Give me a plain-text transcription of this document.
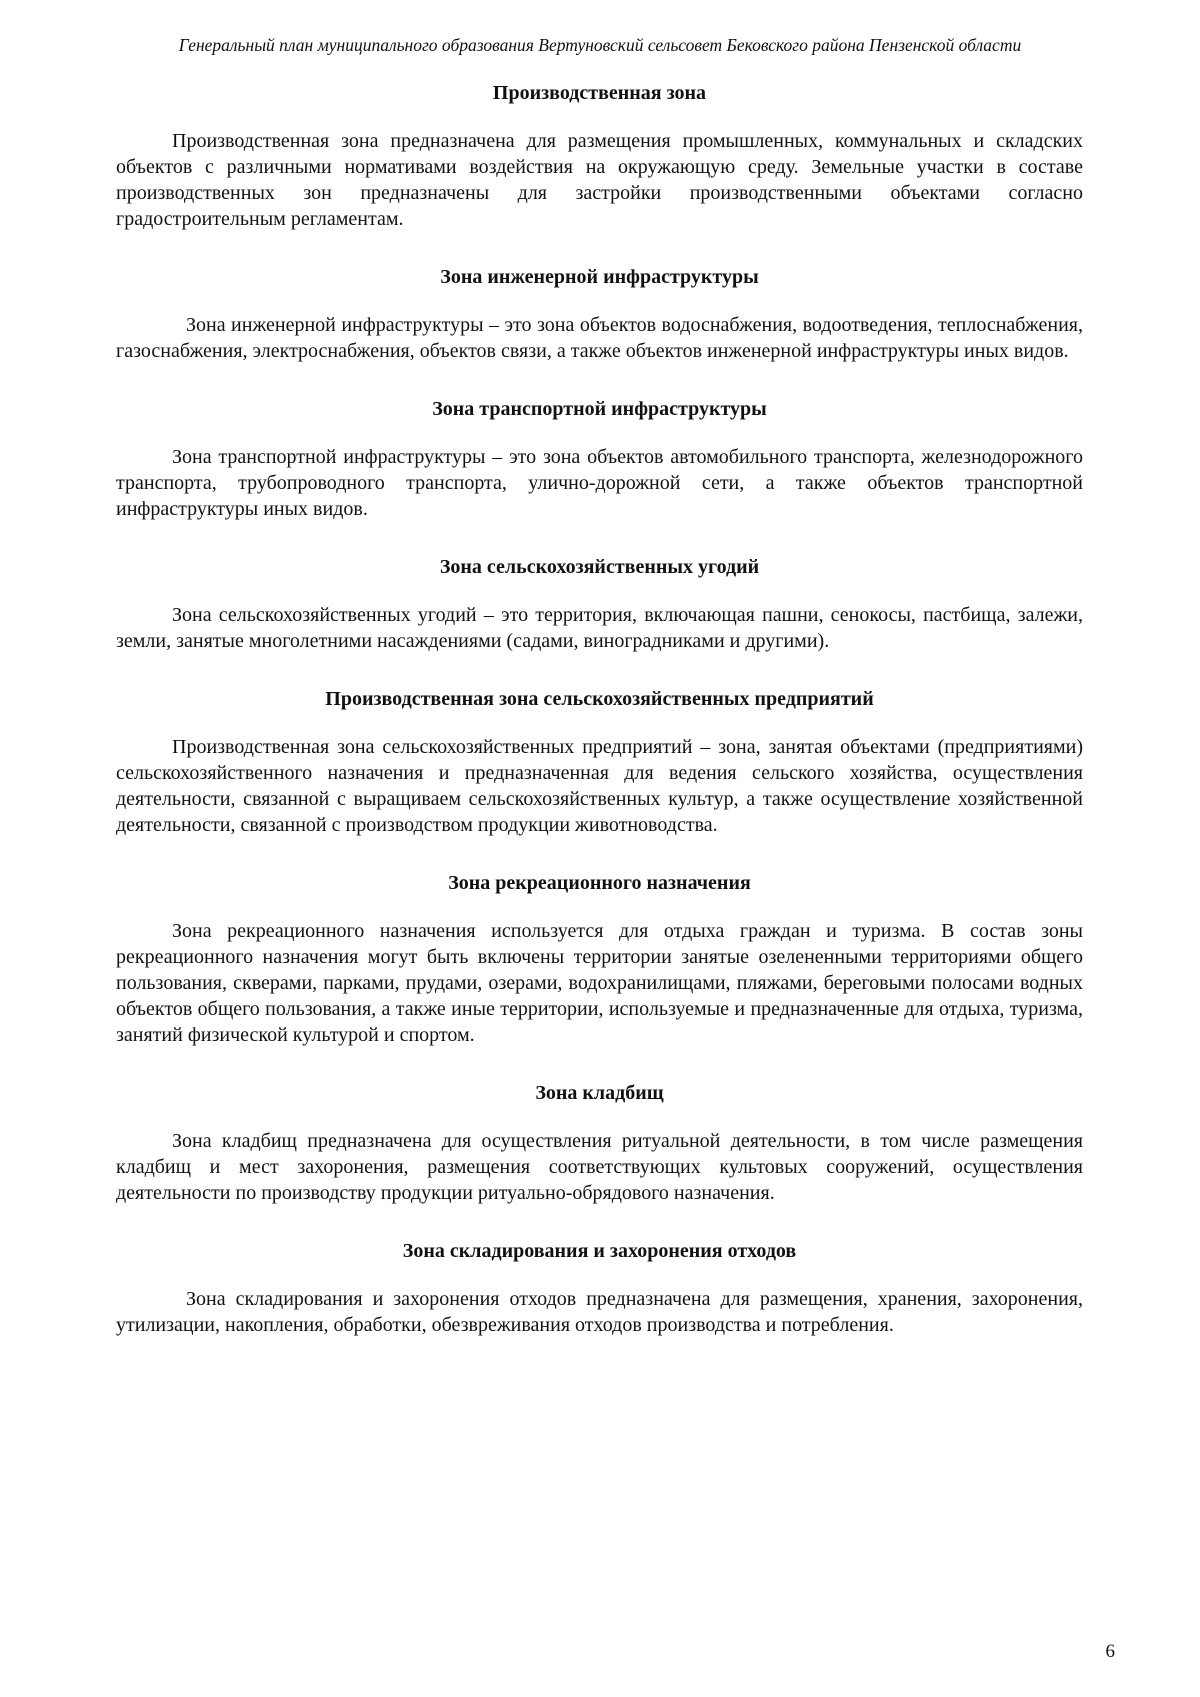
Генеральный план муниципального образования Вертуновский сельсовет Бековского района Пензенской области
Производственная зона

Производственная зона предназначена для размещения промышленных, коммунальных и складских объектов с различными нормативами воздействия на окружающую среду. Земельные участки в составе производственных зон предназначены для застройки производственными объектами согласно градостроительным регламентам.

Зона инженерной инфраструктуры

Зона инженерной инфраструктуры – это зона объектов водоснабжения, водоотведения, теплоснабжения, газоснабжения, электроснабжения, объектов связи, а также объектов инженерной инфраструктуры иных видов.

Зона транспортной инфраструктуры

Зона транспортной инфраструктуры – это зона объектов автомобильного транспорта, железнодорожного транспорта, трубопроводного транспорта, улично-дорожной сети, а также объектов транспортной инфраструктуры иных видов.

Зона сельскохозяйственных угодий

Зона сельскохозяйственных угодий – это территория, включающая пашни, сенокосы, пастбища, залежи, земли, занятые многолетними насаждениями (садами, виноградниками и другими).

Производственная зона сельскохозяйственных предприятий

Производственная зона сельскохозяйственных предприятий – зона, занятая объектами (предприятиями) сельскохозяйственного назначения и предназначенная для ведения сельского хозяйства, осуществления деятельности, связанной с выращиваем сельскохозяйственных культур, а также осуществление хозяйственной деятельности, связанной с производством продукции животноводства.

Зона рекреационного назначения

Зона рекреационного назначения используется для отдыха граждан и туризма. В состав зоны рекреационного назначения могут быть включены территории занятые озелененными территориями общего пользования, скверами, парками, прудами, озерами, водохранилищами, пляжами, береговыми полосами водных объектов общего пользования, а также иные территории, используемые и предназначенные для отдыха, туризма, занятий физической культурой и спортом.

Зона кладбищ

Зона кладбищ предназначена для осуществления ритуальной деятельности, в том числе размещения кладбищ и мест захоронения, размещения соответствующих культовых сооружений, осуществления деятельности по производству продукции ритуально-обрядового назначения.

Зона складирования и захоронения отходов

Зона складирования и захоронения отходов предназначена для размещения, хранения, захоронения, утилизации, накопления, обработки, обезвреживания отходов производства и потребления.

6
